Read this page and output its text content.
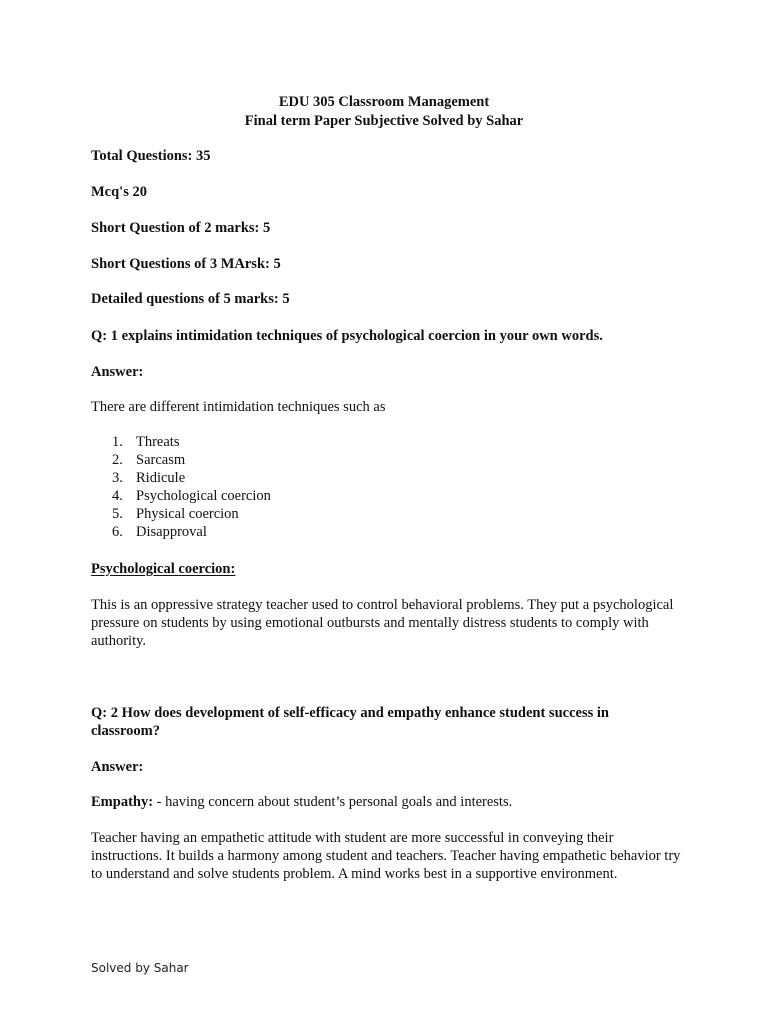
EDU 305 Classroom Management
Final term Paper Subjective Solved by Sahar
Total Questions: 35
Mcq's 20
Short Question of 2 marks: 5
Short Questions of 3 MArsk: 5
Detailed questions of 5 marks: 5
Q: 1 explains intimidation techniques of psychological coercion in your own words.
Answer:
There are different intimidation techniques such as
1. Threats
2. Sarcasm
3. Ridicule
4. Psychological coercion
5. Physical coercion
6. Disapproval
Psychological coercion:
This is an oppressive strategy teacher used to control behavioral problems. They put a psychological pressure on students by using emotional outbursts and mentally distress students to comply with authority.
Q: 2 How does development of self-efficacy and empathy enhance student success in classroom?
Answer:
Empathy: - having concern about student’s personal goals and interests.
Teacher having an empathetic attitude with student are more successful in conveying their instructions. It builds a harmony among student and teachers. Teacher having empathetic behavior try to understand and solve students problem. A mind works best in a supportive environment.
Solved by Sahar
